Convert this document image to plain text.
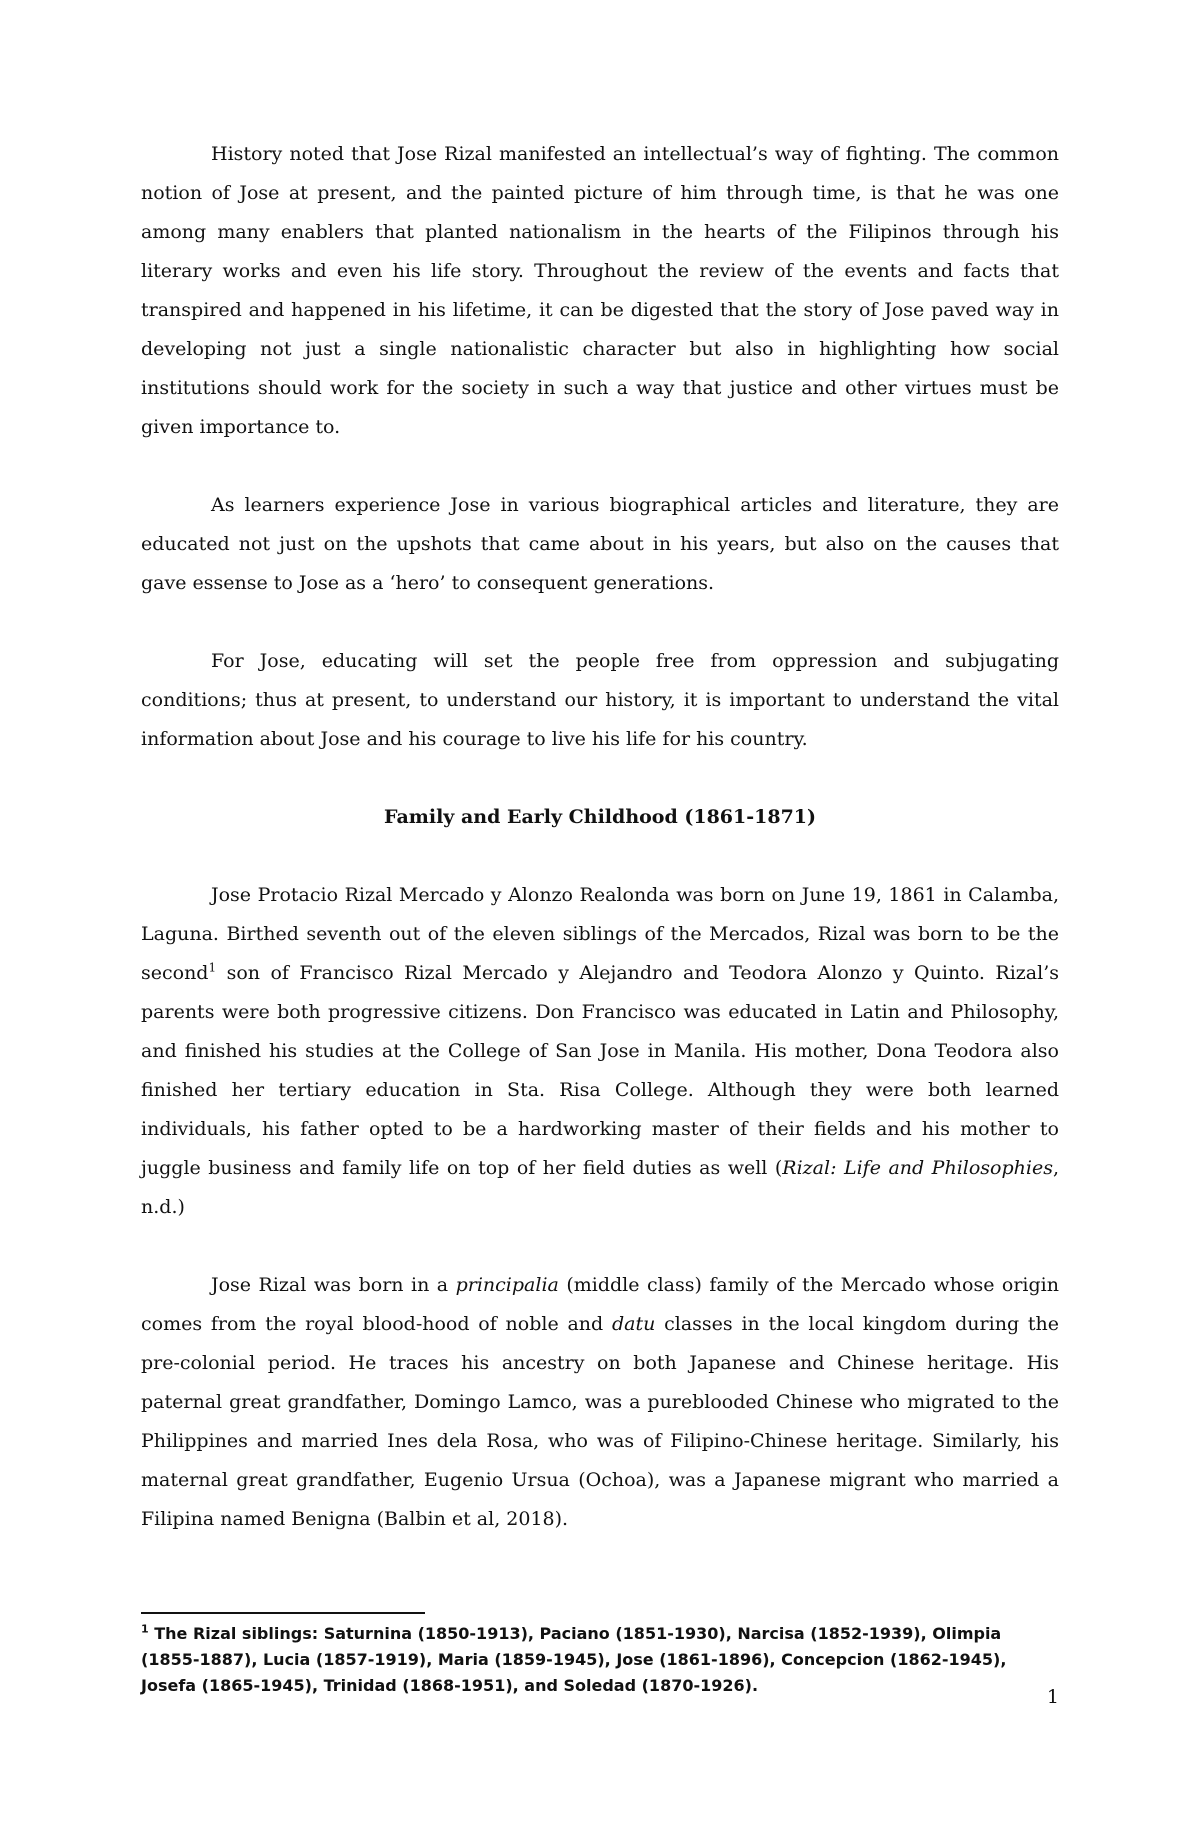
History noted that Jose Rizal manifested an intellectual’s way of fighting. The common notion of Jose at present, and the painted picture of him through time, is that he was one among many enablers that planted nationalism in the hearts of the Filipinos through his literary works and even his life story. Throughout the review of the events and facts that transpired and happened in his lifetime, it can be digested that the story of Jose paved way in developing not just a single nationalistic character but also in highlighting how social institutions should work for the society in such a way that justice and other virtues must be given importance to.

As learners experience Jose in various biographical articles and literature, they are educated not just on the upshots that came about in his years, but also on the causes that gave essense to Jose as a ‘hero’ to consequent generations.

For Jose, educating will set the people free from oppression and subjugating conditions; thus at present, to understand our history, it is important to understand the vital information about Jose and his courage to live his life for his country.

Family and Early Childhood (1861-1871)

Jose Protacio Rizal Mercado y Alonzo Realonda was born on June 19, 1861 in Calamba, Laguna. Birthed seventh out of the eleven siblings of the Mercados, Rizal was born to be the second$^1$ son of Francisco Rizal Mercado y Alejandro and Teodora Alonzo y Quinto. Rizal’s parents were both progressive citizens. Don Francisco was educated in Latin and Philosophy, and finished his studies at the College of San Jose in Manila. His mother, Dona Teodora also finished her tertiary education in Sta. Risa College. Although they were both learned individuals, his father opted to be a hardworking master of their fields and his mother to juggle business and family life on top of her field duties as well (Rizal: Life and Philosophies, n.d.)

Jose Rizal was born in a principalia (middle class) family of the Mercado whose origin comes from the royal blood-hood of noble and datu classes in the local kingdom during the pre-colonial period. He traces his ancestry on both Japanese and Chinese heritage. His paternal great grandfather, Domingo Lamco, was a pureblooded Chinese who migrated to the Philippines and married Ines dela Rosa, who was of Filipino-Chinese heritage. Similarly, his maternal great grandfather, Eugenio Ursua (Ochoa), was a Japanese migrant who married a Filipina named Benigna (Balbin et al, 2018).

$^1$ The Rizal siblings: Saturnina (1850-1913), Paciano (1851-1930), Narcisa (1852-1939), Olimpia (1855-1887), Lucia (1857-1919), Maria (1859-1945), Jose (1861-1896), Concepcion (1862-1945), Josefa (1865-1945), Trinidad (1868-1951), and Soledad (1870-1926).
1
